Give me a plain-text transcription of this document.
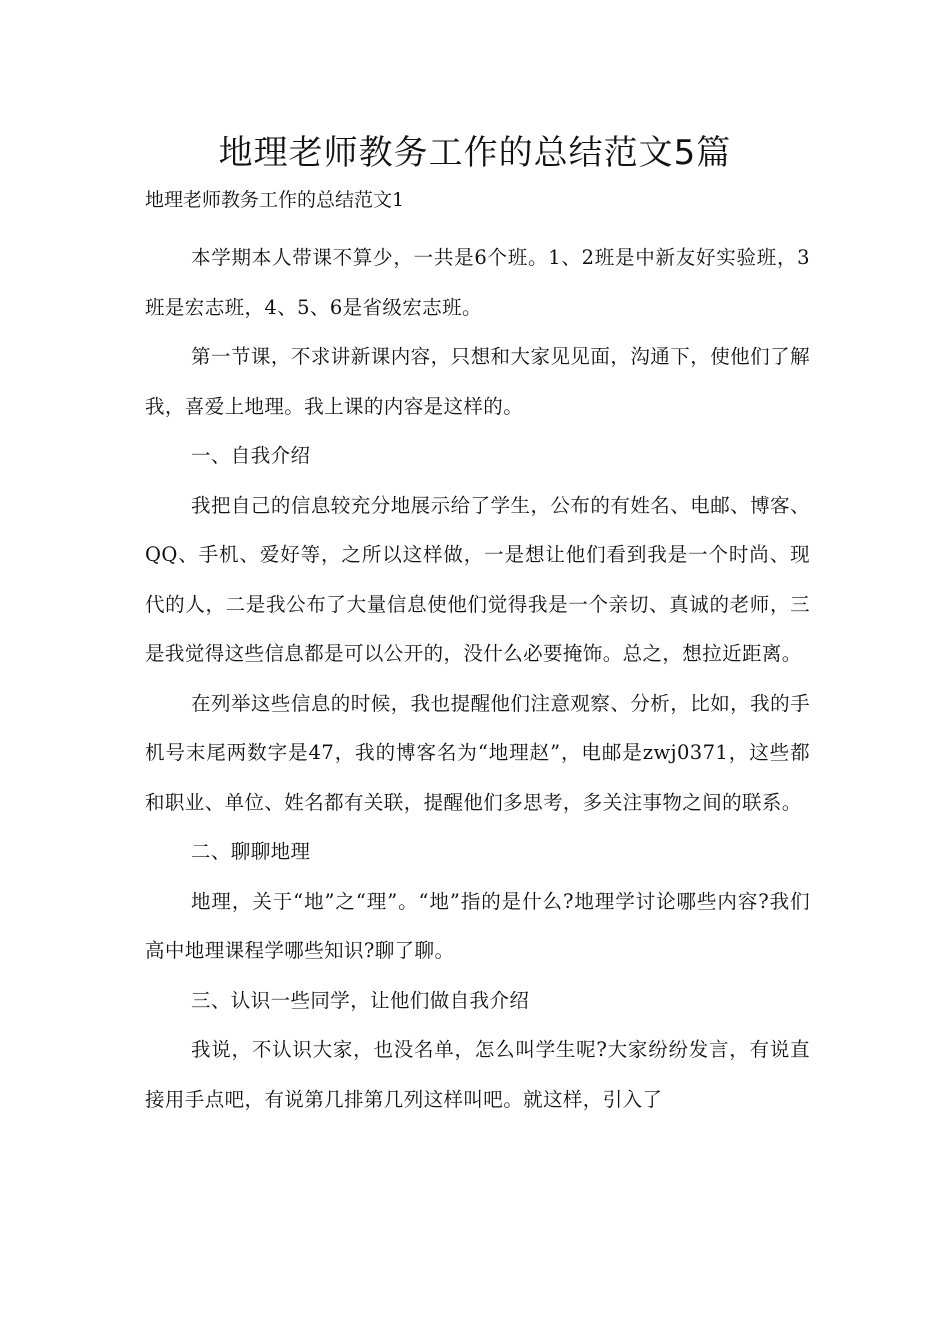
地理老师教务工作的总结范文5篇

地理老师教务工作的总结范文1

本学期本人带课不算少，一共是6个班。1、2班是中新友好实验班，3班是宏志班，4、5、6是省级宏志班。

第一节课，不求讲新课内容，只想和大家见见面，沟通下，使他们了解我，喜爱上地理。我上课的内容是这样的。

一、自我介绍

我把自己的信息较充分地展示给了学生，公布的有姓名、电邮、博客、QQ、手机、爱好等，之所以这样做，一是想让他们看到我是一个时尚、现代的人，二是我公布了大量信息使他们觉得我是一个亲切、真诚的老师，三是我觉得这些信息都是可以公开的，没什么必要掩饰。总之，想拉近距离。

在列举这些信息的时候，我也提醒他们注意观察、分析，比如，我的手机号末尾两数字是47，我的博客名为“地理赵”，电邮是zwj0371，这些都和职业、单位、姓名都有关联，提醒他们多思考，多关注事物之间的联系。

二、聊聊地理

地理，关于“地”之“理”。“地”指的是什么?地理学讨论哪些内容?我们高中地理课程学哪些知识?聊了聊。

三、认识一些同学，让他们做自我介绍

我说，不认识大家，也没名单，怎么叫学生呢?大家纷纷发言，有说直接用手点吧，有说第几排第几列这样叫吧。就这样，引入了
